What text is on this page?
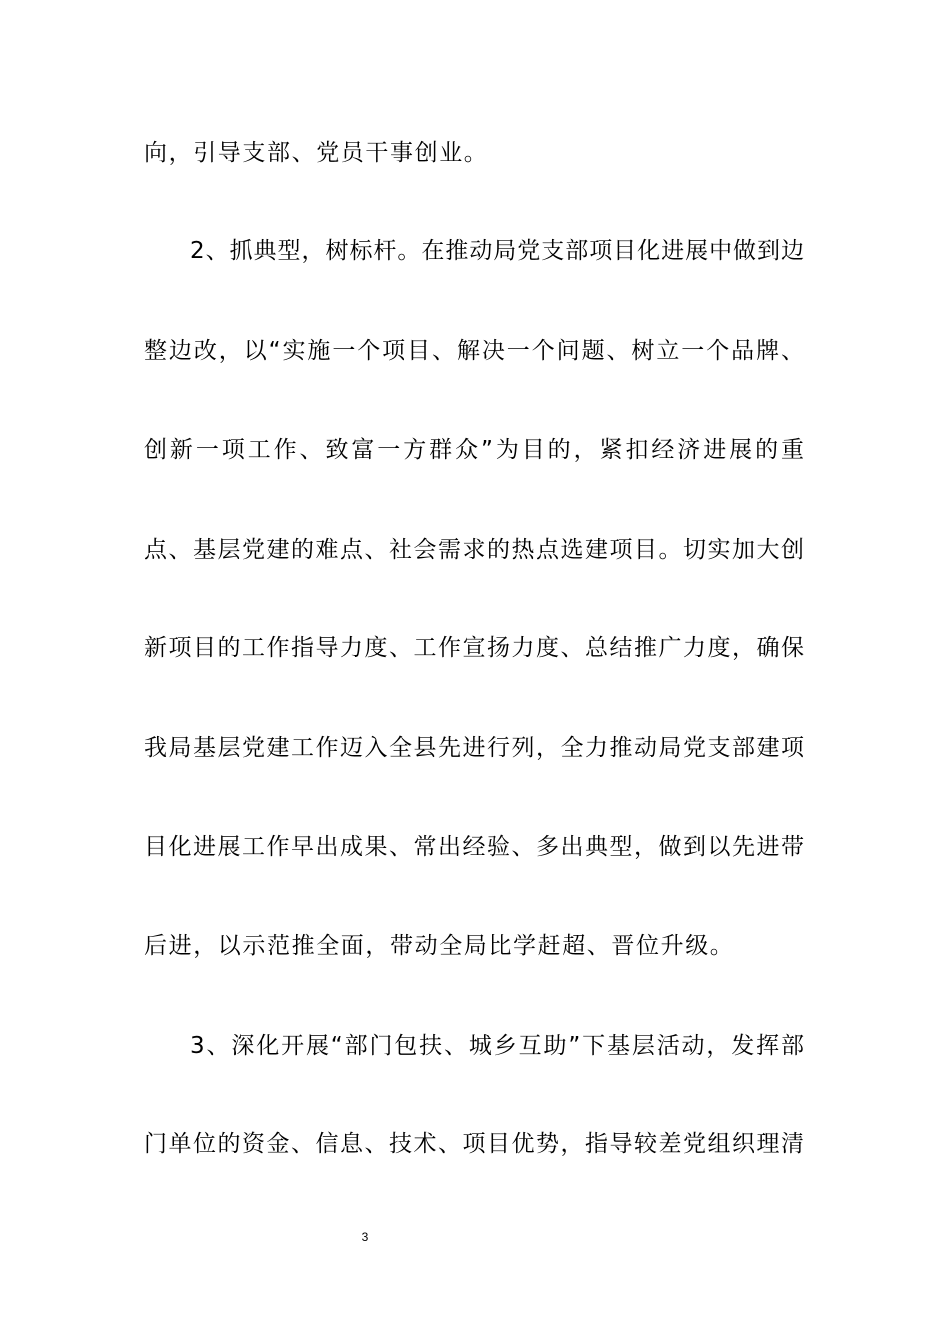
向，引导支部、党员干事创业。
2、抓典型，树标杆。在推动局党支部项目化进展中做到边
整边改，以“实施一个项目、解决一个问题、树立一个品牌、
创新一项工作、致富一方群众”为目的，紧扣经济进展的重
点、基层党建的难点、社会需求的热点选建项目。切实加大创
新项目的工作指导力度、工作宣扬力度、总结推广力度，确保
我局基层党建工作迈入全县先进行列，全力推动局党支部建项
目化进展工作早出成果、常出经验、多出典型，做到以先进带
后进，以示范推全面，带动全局比学赶超、晋位升级。
3、深化开展“部门包扶、城乡互助”下基层活动，发挥部
门单位的资金、信息、技术、项目优势，指导较差党组织理清
3
